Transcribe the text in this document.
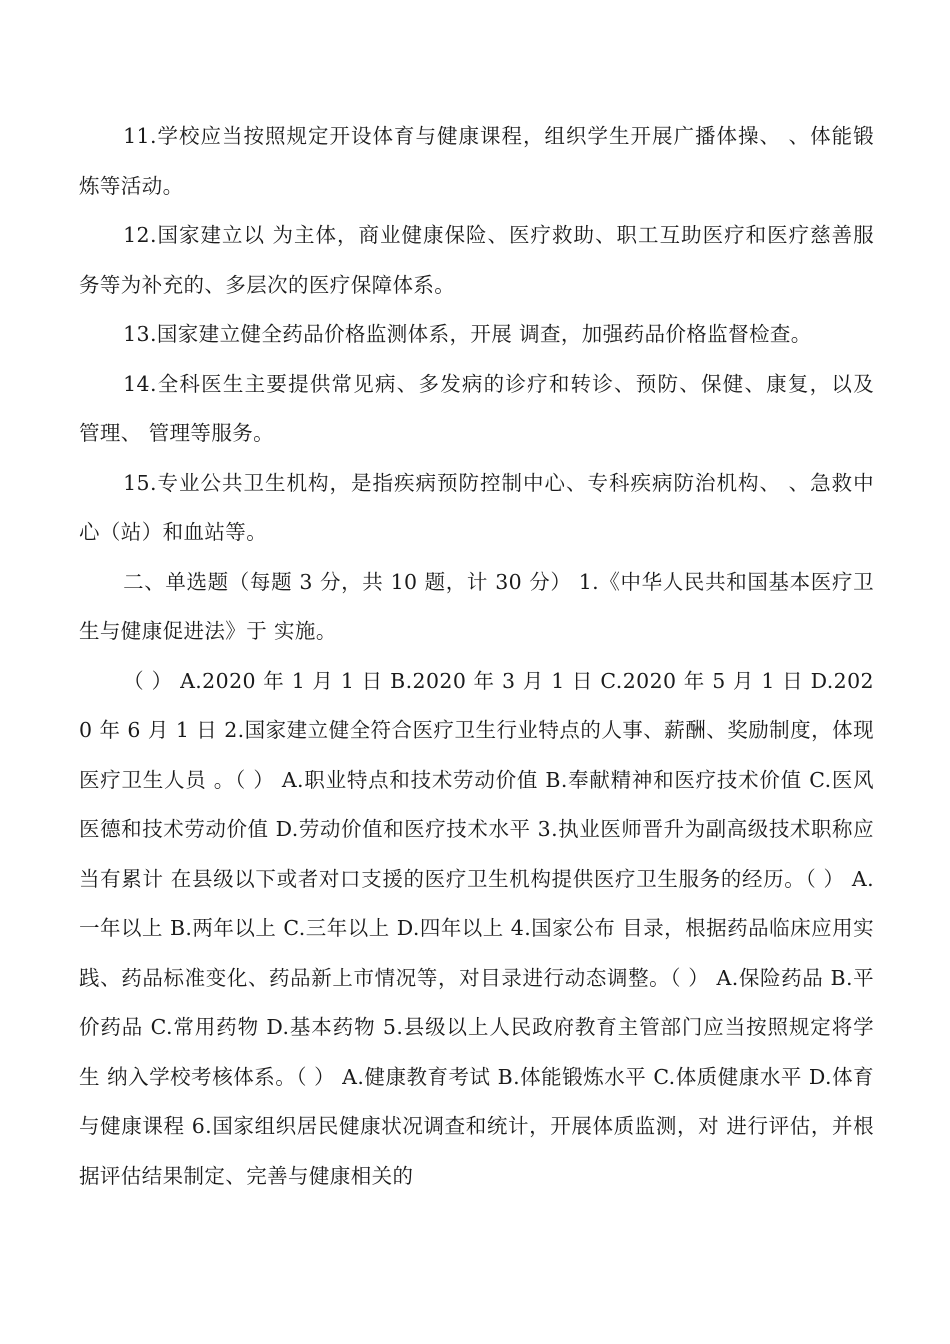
11.学校应当按照规定开设体育与健康课程，组织学生开展广播体操、 、体能锻炼等活动。

12.国家建立以 为主体，商业健康保险、医疗救助、职工互助医疗和医疗慈善服务等为补充的、多层次的医疗保障体系。

13.国家建立健全药品价格监测体系，开展 调查，加强药品价格监督检查。

14.全科医生主要提供常见病、多发病的诊疗和转诊、预防、保健、康复，以及 管理、 管理等服务。

15.专业公共卫生机构，是指疾病预防控制中心、专科疾病防治机构、 、急救中心（站）和血站等。

二、单选题（每题 3 分，共 10 题，计 30 分） 1.《中华人民共和国基本医疗卫生与健康促进法》于 实施。

（ ） A.2020 年 1 月 1 日 B.2020 年 3 月 1 日 C.2020 年 5 月 1 日 D.2020 年 6 月 1 日 2.国家建立健全符合医疗卫生行业特点的人事、薪酬、奖励制度，体现医疗卫生人员 。（ ） A.职业特点和技术劳动价值 B.奉献精神和医疗技术价值 C.医风医德和技术劳动价值 D.劳动价值和医疗技术水平 3.执业医师晋升为副高级技术职称应当有累计 在县级以下或者对口支援的医疗卫生机构提供医疗卫生服务的经历。（ ） A.一年以上 B.两年以上 C.三年以上 D.四年以上 4.国家公布 目录，根据药品临床应用实践、药品标准变化、药品新上市情况等，对目录进行动态调整。（ ） A.保险药品 B.平价药品 C.常用药物 D.基本药物 5.县级以上人民政府教育主管部门应当按照规定将学生 纳入学校考核体系。（ ） A.健康教育考试 B.体能锻炼水平 C.体质健康水平 D.体育与健康课程 6.国家组织居民健康状况调查和统计，开展体质监测，对 进行评估，并根据评估结果制定、完善与健康相关的
